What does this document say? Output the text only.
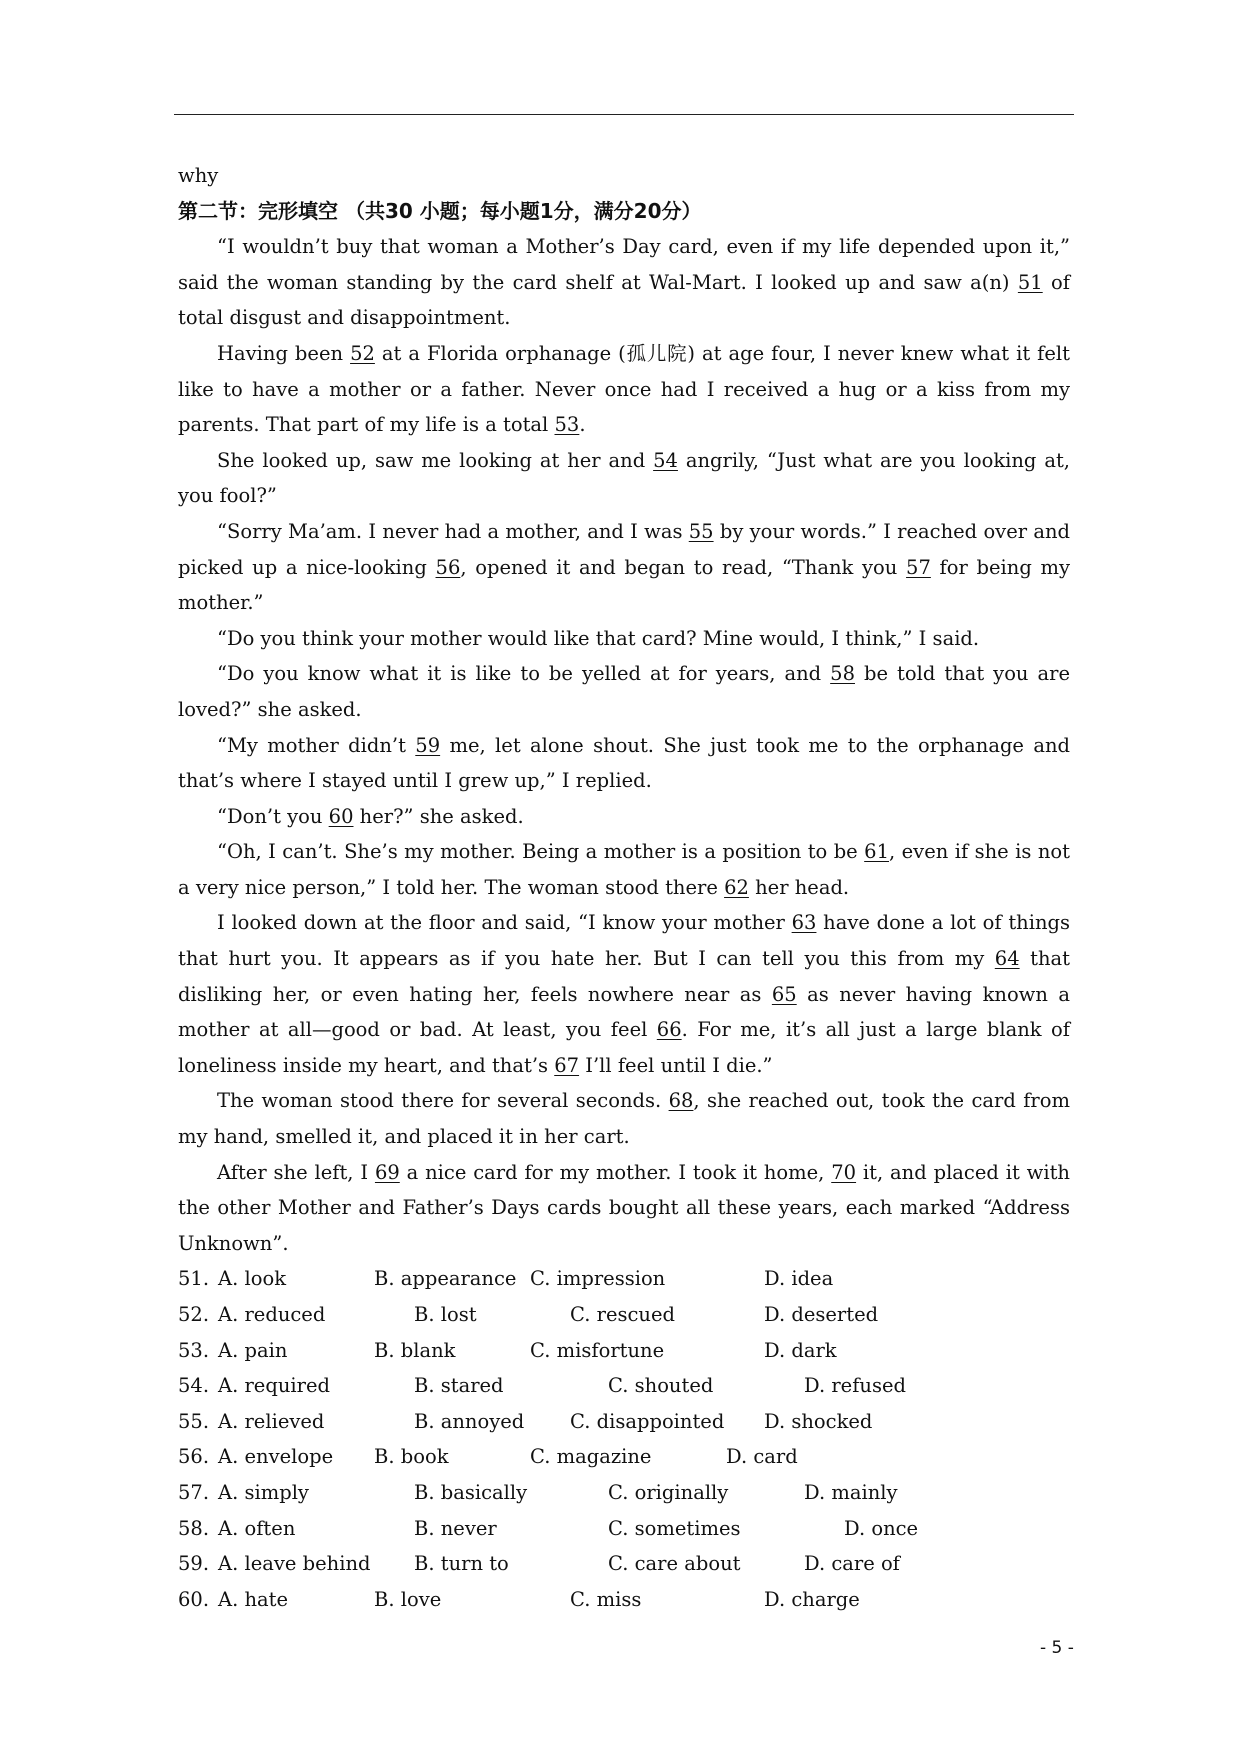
why
第二节：完形填空 （共30 小题；每小题1分，满分20分）

“I wouldn’t buy that woman a Mother’s Day card, even if my life depended upon it,” said the woman standing by the card shelf at Wal-Mart. I looked up and saw a(n) 51 of total disgust and disappointment.

Having been 52 at a Florida orphanage (孤儿院) at age four, I never knew what it felt like to have a mother or a father. Never once had I received a hug or a kiss from my parents. That part of my life is a total 53.

She looked up, saw me looking at her and 54 angrily, “Just what are you looking at, you fool?”

“Sorry Ma’am. I never had a mother, and I was 55 by your words.” I reached over and picked up a nice-looking 56, opened it and began to read, “Thank you 57 for being my mother.”

“Do you think your mother would like that card? Mine would, I think,” I said.

“Do you know what it is like to be yelled at for years, and 58 be told that you are loved?” she asked.

“My mother didn’t 59 me, let alone shout. She just took me to the orphanage and that’s where I stayed until I grew up,” I replied.

“Don’t you 60 her?” she asked.

“Oh, I can’t. She’s my mother. Being a mother is a position to be 61, even if she is not a very nice person,” I told her. The woman stood there 62 her head.

I looked down at the floor and said, “I know your mother 63 have done a lot of things that hurt you. It appears as if you hate her. But I can tell you this from my 64 that disliking her, or even hating her, feels nowhere near as 65 as never having known a mother at all—good or bad. At least, you feel 66. For me, it’s all just a large blank of loneliness inside my heart, and that’s 67 I’ll feel until I die.”

The woman stood there for several seconds. 68, she reached out, took the card from my hand, smelled it, and placed it in her cart.

After she left, I 69 a nice card for my mother. I took it home, 70 it, and placed it with the other Mother and Father’s Days cards bought all these years, each marked “Address Unknown”.

51. A. look	B. appearance C. impression	D. idea
52. A. reduced	B. lost	C. rescued	D. deserted
53. A. pain	B. blank	C. misfortune	D. dark
54. A. required	B. stared	C. shouted	D. refused
55. A. relieved	B. annoyed C. disappointed D. shocked
56. A. envelope B. book	C. magazine	D. card
57. A. simply	B. basically	C. originally	D. mainly
58. A. often	B. never	C. sometimes	D. once
59. A. leave behind B. turn to	C. care about	D. care of
60. A. hate	B. love	C. miss	D. charge
- 5 -
